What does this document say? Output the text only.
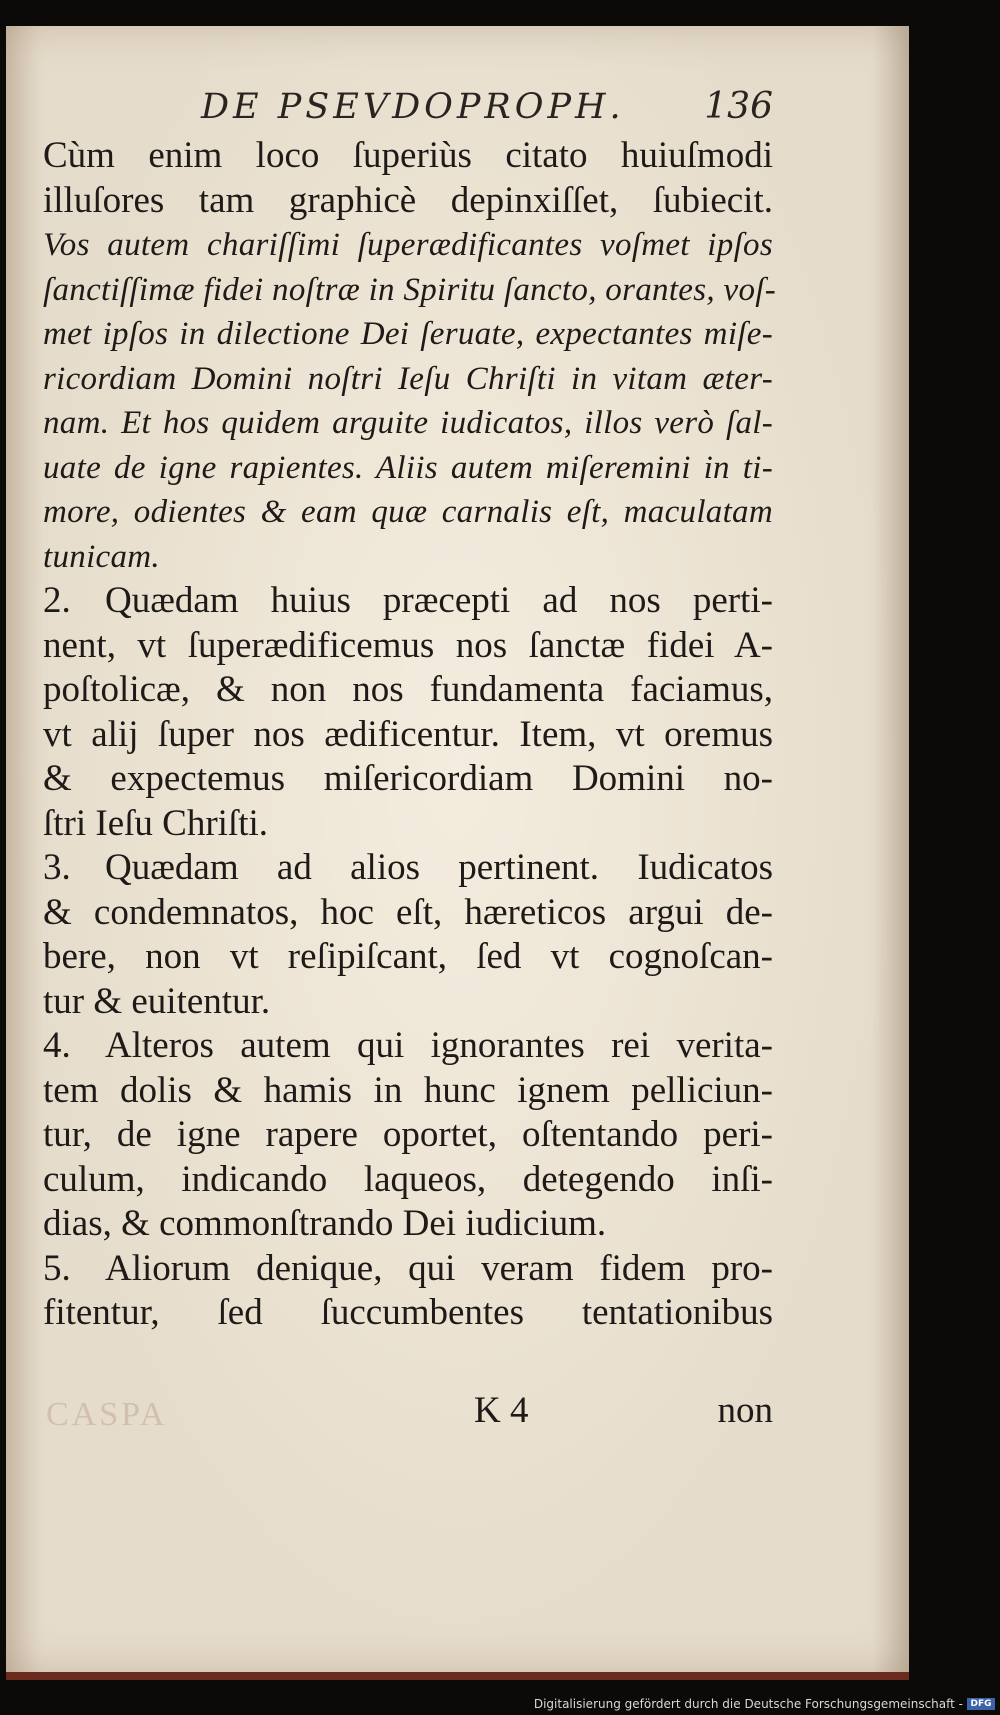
DE PSEVDOPROPH. 136
Cùm enim loco ſuperiùs citato huiuſmodi
illuſores tam graphicè depinxiſſet, ſubiecit.
Vos autem chariſſimi ſuperædificantes voſmet ipſos
ſanctiſſimæ fidei noſtræ in Spiritu ſancto, orantes, voſ-
met ipſos in dilectione Dei ſeruate, expectantes miſe-
ricordiam Domini noſtri Ieſu Chriſti in vitam æter-
nam. Et hos quidem arguite iudicatos, illos verò ſal-
uate de igne rapientes. Aliis autem miſeremini in ti-
more, odientes & eam quæ carnalis eſt, maculatam
tunicam.
2. Quædam huius præcepti ad nos perti-
nent, vt ſuperædificemus nos ſanctæ fidei A-
poſtolicæ, & non nos fundamenta faciamus,
vt alij ſuper nos ædificentur. Item, vt oremus
& expectemus miſericordiam Domini no-
ſtri Ieſu Chriſti.
3. Quædam ad alios pertinent. Iudicatos
& condemnatos, hoc eſt, hæreticos argui de-
bere, non vt reſipiſcant, ſed vt cognoſcan-
tur & euitentur.
4. Alteros autem qui ignorantes rei verita-
tem dolis & hamis in hunc ignem pelliciun-
tur, de igne rapere oportet, oſtentando peri-
culum, indicando laqueos, detegendo inſi-
dias, & commonſtrando Dei iudicium.
5. Aliorum denique, qui veram fidem pro-
fitentur, ſed ſuccumbentes tentationibus
CASPA	K 4	non
Digitalisierung gefördert durch die Deutsche Forschungsgemeinschaft - DFG
